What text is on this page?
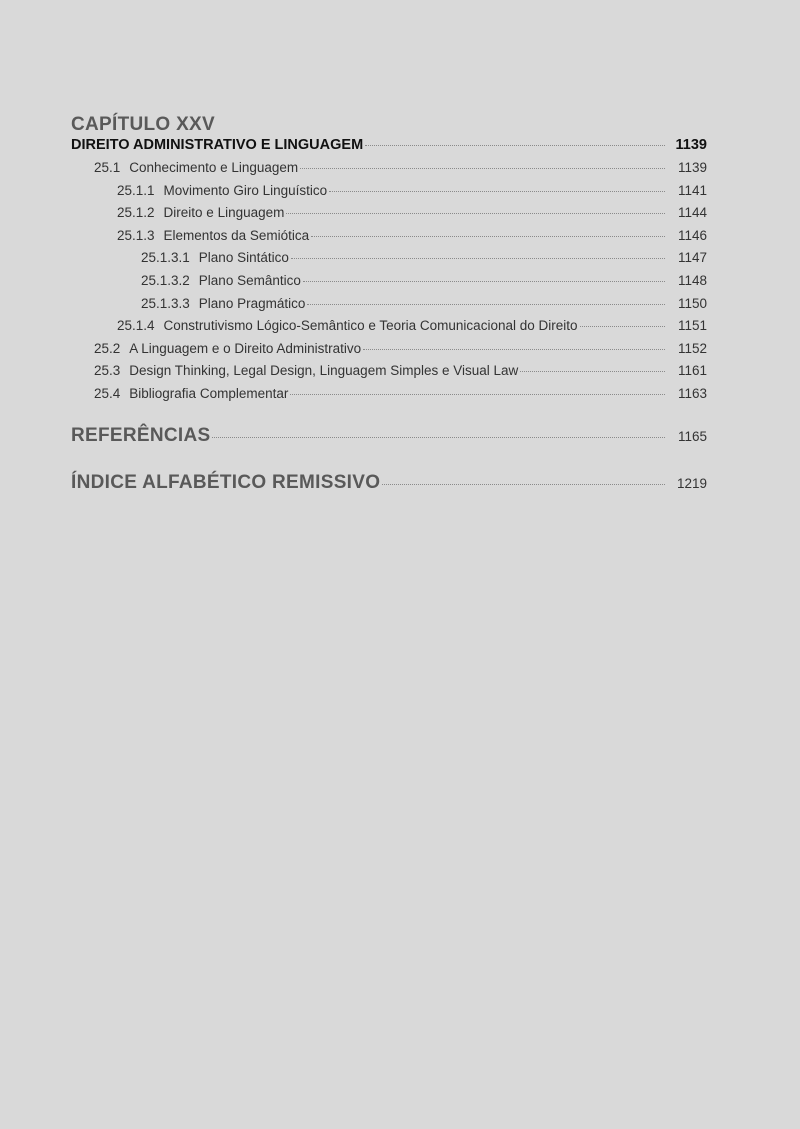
CAPÍTULO XXV
DIREITO ADMINISTRATIVO E LINGUAGEM	1139
25.1 Conhecimento e Linguagem	1139
25.1.1 Movimento Giro Linguístico	1141
25.1.2 Direito e Linguagem	1144
25.1.3 Elementos da Semiótica	1146
25.1.3.1 Plano Sintático	1147
25.1.3.2 Plano Semântico	1148
25.1.3.3 Plano Pragmático	1150
25.1.4 Construtivismo Lógico-Semântico e Teoria Comunicacional do Direito	1151
25.2 A Linguagem e o Direito Administrativo	1152
25.3 Design Thinking, Legal Design, Linguagem Simples e Visual Law	1161
25.4 Bibliografia Complementar	1163
REFERÊNCIAS	1165
ÍNDICE ALFABÉTICO REMISSIVO	1219
